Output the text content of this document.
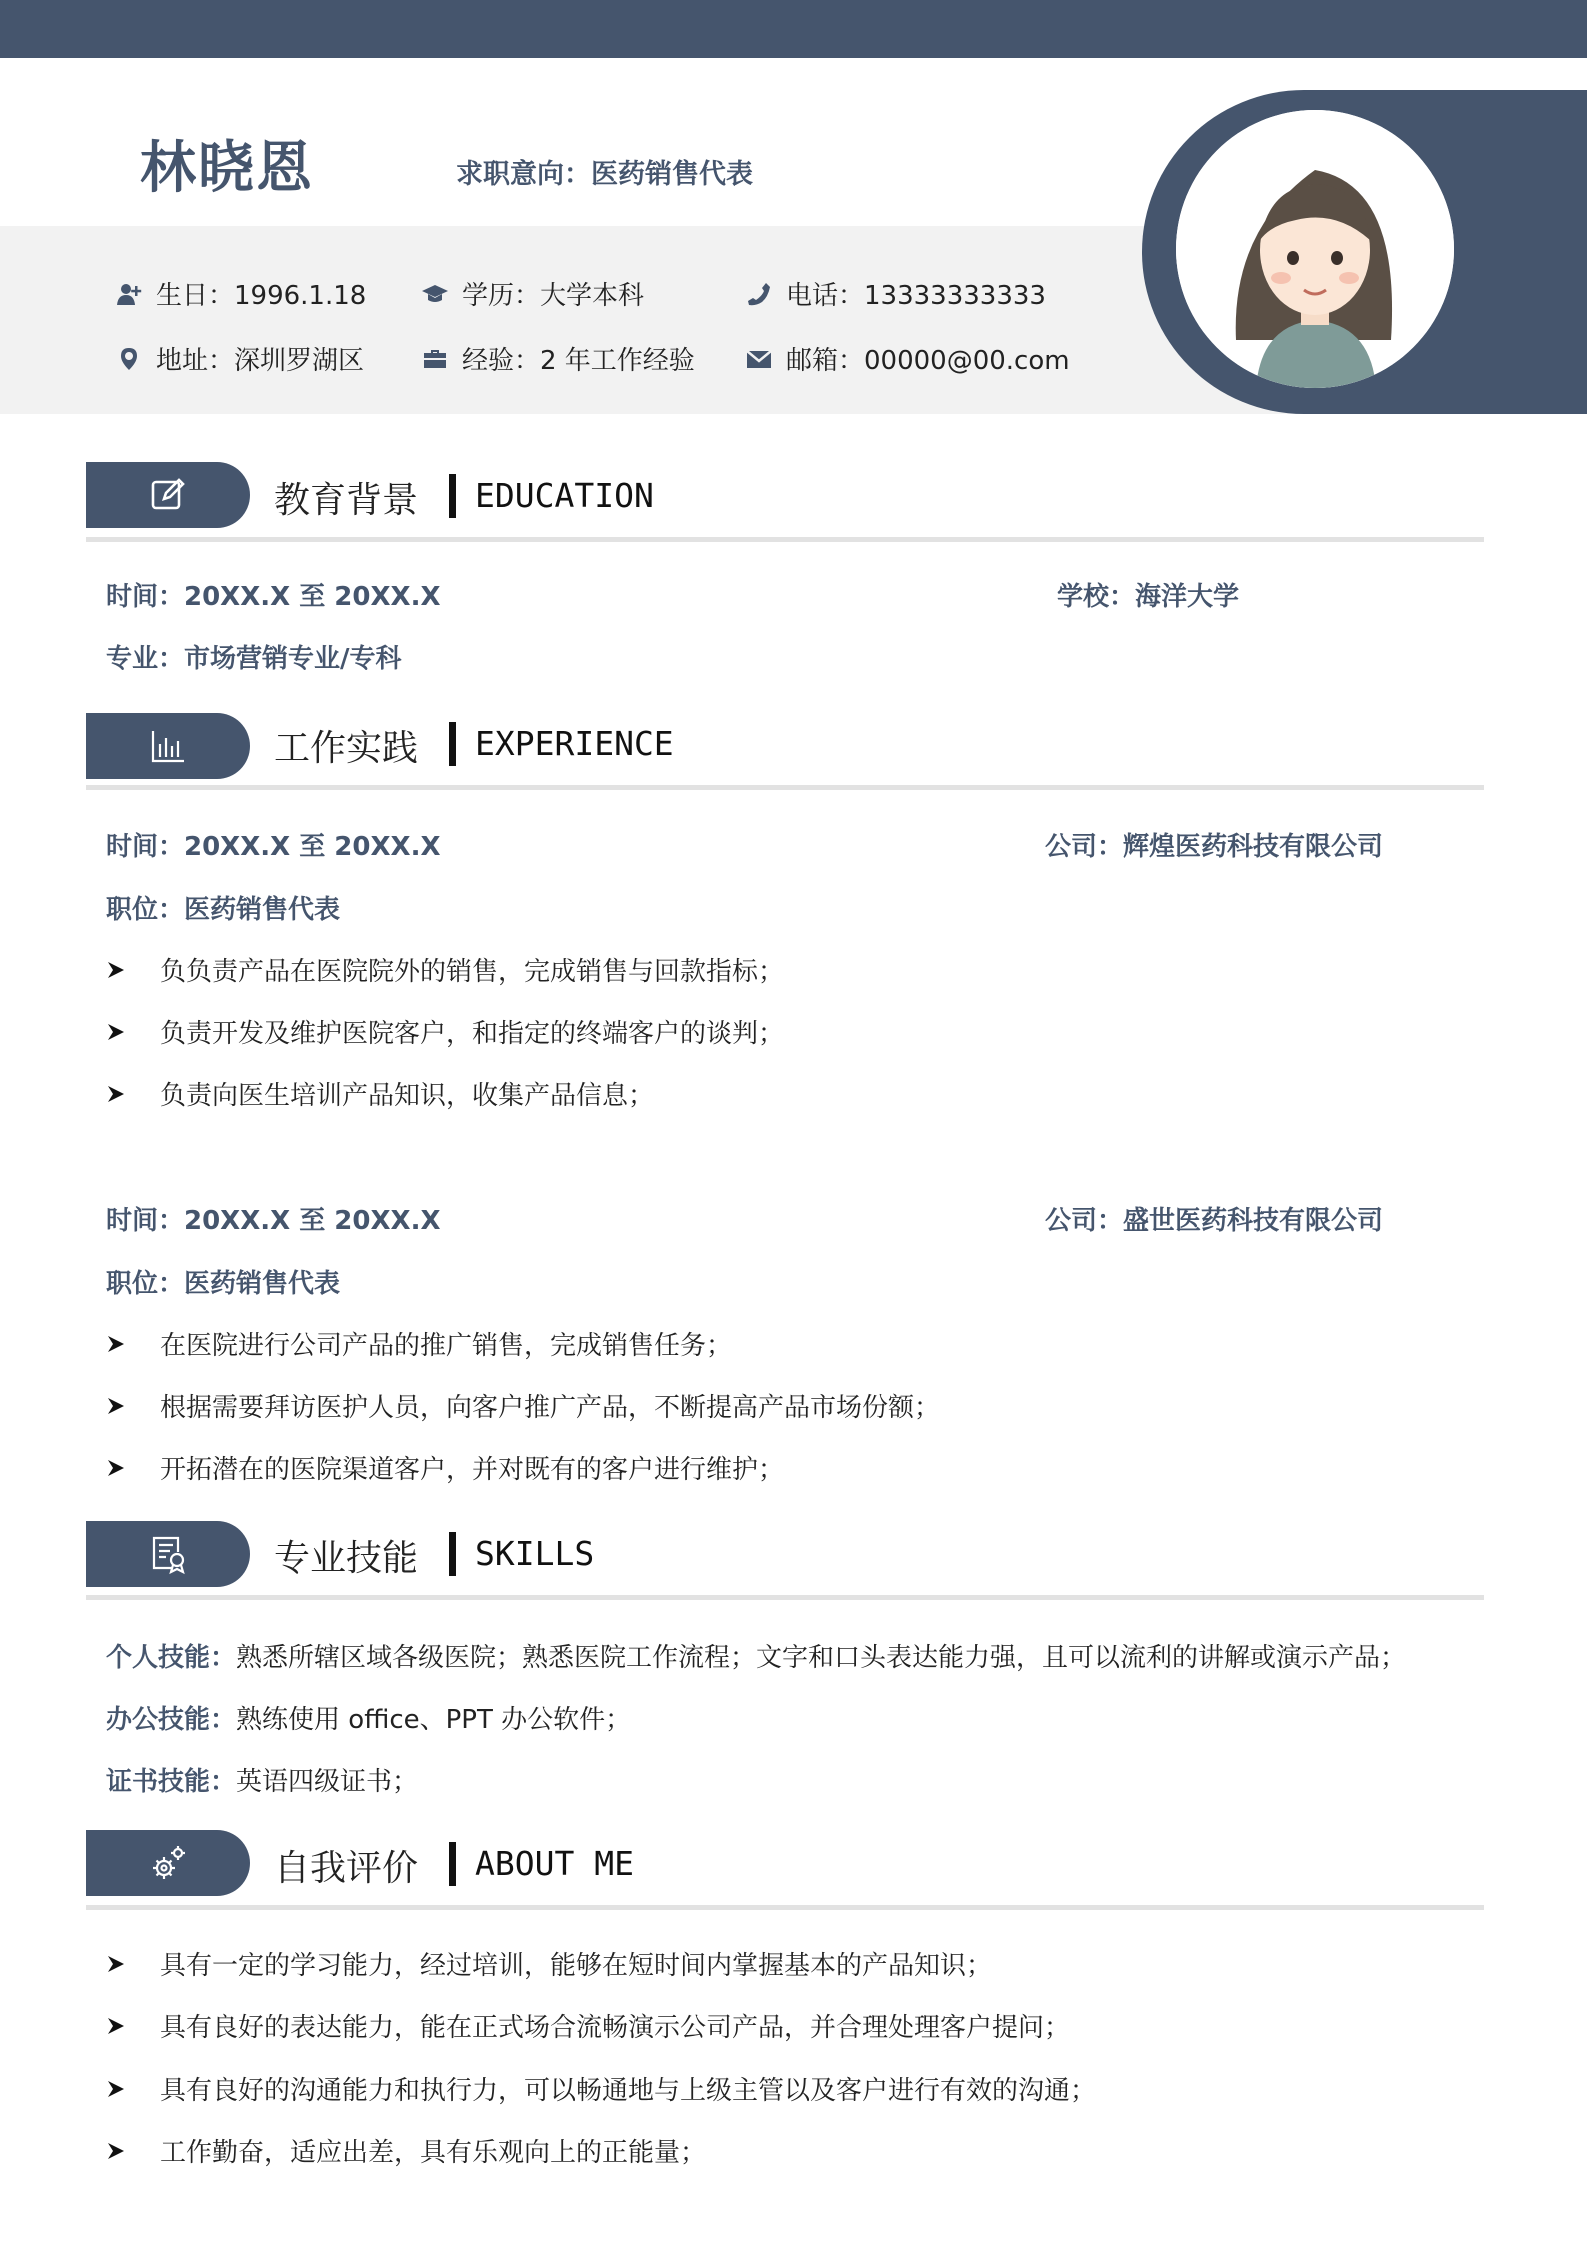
林晓恩	求职意向：医药销售代表
生日：1996.1.18	学历：大学本科	电话：13333333333
地址：深圳罗湖区	经验：2 年工作经验	邮箱：00000@00.com
教育背景 EDUCATION
时间：20XX.X 至 20XX.X	学校：海洋大学
专业：市场营销专业/专科
工作实践 EXPERIENCE
时间：20XX.X 至 20XX.X	公司：辉煌医药科技有限公司
职位：医药销售代表
负负责产品在医院院外的销售，完成销售与回款指标；
负责开发及维护医院客户，和指定的终端客户的谈判；
负责向医生培训产品知识，收集产品信息；
时间：20XX.X 至 20XX.X	公司：盛世医药科技有限公司
职位：医药销售代表
在医院进行公司产品的推广销售，完成销售任务；
根据需要拜访医护人员，向客户推广产品，不断提高产品市场份额；
开拓潜在的医院渠道客户，并对既有的客户进行维护；
专业技能 SKILLS
个人技能：熟悉所辖区域各级医院；熟悉医院工作流程；文字和口头表达能力强，且可以流利的讲解或演示产品；
办公技能：熟练使用 office、PPT 办公软件；
证书技能：英语四级证书；
自我评价 ABOUT ME
具有一定的学习能力，经过培训，能够在短时间内掌握基本的产品知识；
具有良好的表达能力，能在正式场合流畅演示公司产品，并合理处理客户提问；
具有良好的沟通能力和执行力，可以畅通地与上级主管以及客户进行有效的沟通；
工作勤奋，适应出差，具有乐观向上的正能量；
